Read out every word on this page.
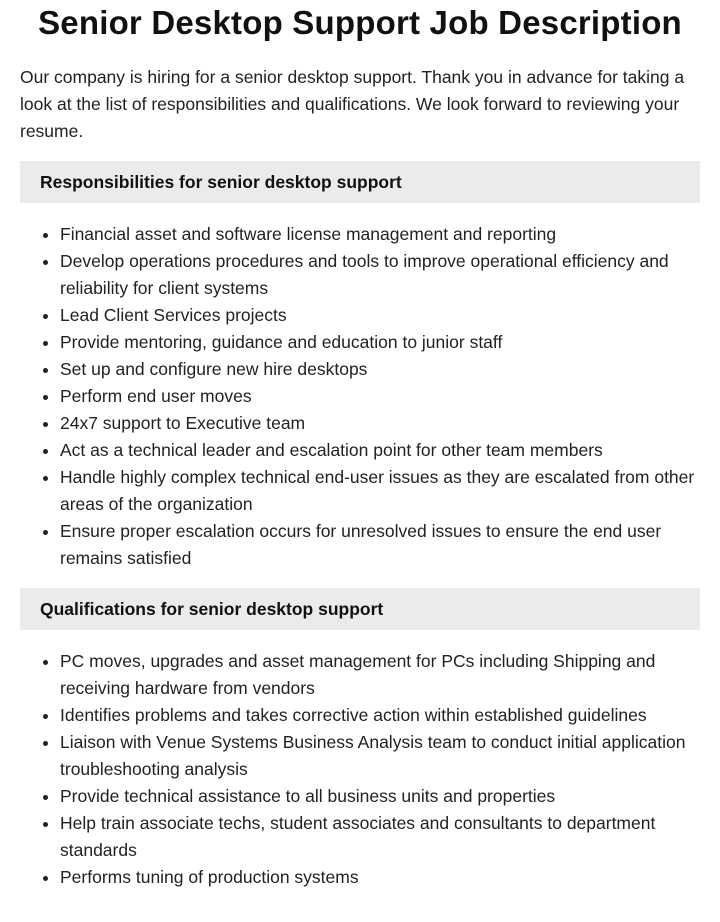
Senior Desktop Support Job Description

Our company is hiring for a senior desktop support. Thank you in advance for taking a look at the list of responsibilities and qualifications. We look forward to reviewing your resume.

Responsibilities for senior desktop support
• Financial asset and software license management and reporting
• Develop operations procedures and tools to improve operational efficiency and reliability for client systems
• Lead Client Services projects
• Provide mentoring, guidance and education to junior staff
• Set up and configure new hire desktops
• Perform end user moves
• 24x7 support to Executive team
• Act as a technical leader and escalation point for other team members
• Handle highly complex technical end-user issues as they are escalated from other areas of the organization
• Ensure proper escalation occurs for unresolved issues to ensure the end user remains satisfied
Qualifications for senior desktop support
• PC moves, upgrades and asset management for PCs including Shipping and receiving hardware from vendors
• Identifies problems and takes corrective action within established guidelines
• Liaison with Venue Systems Business Analysis team to conduct initial application troubleshooting analysis
• Provide technical assistance to all business units and properties
• Help train associate techs, student associates and consultants to department standards
• Performs tuning of production systems
